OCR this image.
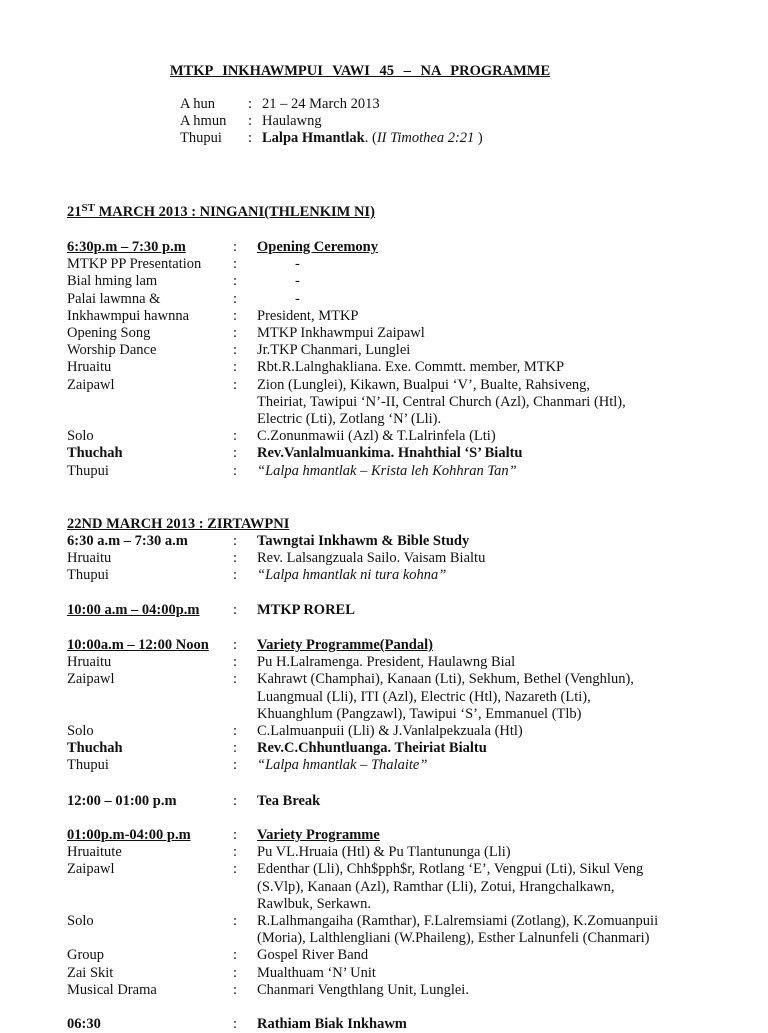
MTKP INKHAWMPUI VAWI 45 – NA PROGRAMME
A hun	: 21 – 24 March 2013
A hmun	: Haulawng
Thupui	: Lalpa Hmantlak. (II Timothea 2:21 )
21ST MARCH 2013 : NINGANI(THLENKIM NI)
6:30p.m – 7:30 p.m	:	Opening Ceremony
MTKP PP Presentation	:	-
Bial hming lam	:	-
Palai lawmna &	:	-
Inkhawmpui hawnna	:	President, MTKP
Opening Song	:	MTKP Inkhawmpui Zaipawl
Worship Dance	:	Jr.TKP Chanmari, Lunglei
Hruaitu	:	Rbt.R.Lalnghakliana. Exe. Commtt. member, MTKP
Zaipawl	:	Zion (Lunglei), Kikawn, Bualpui ‘V’, Bualte, Rahsiveng,
Theiriat, Tawipui ‘N’-II, Central Church (Azl), Chanmari (Htl),
Electric (Lti), Zotlang ‘N’ (Lli).
Solo	:	C.Zonunmawii (Azl) & T.Lalrinfela (Lti)
Thuchah	:	Rev.Vanlalmuankima. Hnahthial ‘S’ Bialtu
Thupui	:	“Lalpa hmantlak – Krista leh Kohhran Tan”
22ND MARCH 2013 : ZIRTAWPNI
6:30 a.m – 7:30 a.m	:	Tawngtai Inkhawm & Bible Study
Hruaitu	:	Rev. Lalsangzuala Sailo. Vaisam Bialtu
Thupui	:	“Lalpa hmantlak ni tura kohna”
10:00 a.m – 04:00p.m	:	MTKP ROREL
10:00a.m – 12:00 Noon	:	Variety Programme(Pandal)
Hruaitu	:	Pu H.Lalramenga. President, Haulawng Bial
Zaipawl	:	Kahrawt (Champhai), Kanaan (Lti), Sekhum, Bethel (Venghlun),
Luangmual (Lli), ITI (Azl), Electric (Htl), Nazareth (Lti),
Khuanghlum (Pangzawl), Tawipui ‘S’, Emmanuel (Tlb)
Solo	:	C.Lalmuanpuii (Lli) & J.Vanlalpekzuala (Htl)
Thuchah	:	Rev.C.Chhuntluanga. Theiriat Bialtu
Thupui	:	“Lalpa hmantlak – Thalaite”
12:00 – 01:00 p.m	:	Tea Break
01:00p.m-04:00 p.m	:	Variety Programme
Hruaitute	:	Pu VL.Hruaia (Htl) & Pu Tlantununga (Lli)
Zaipawl	:	Edenthar (Lli), Chh$pph$r, Rotlang ‘E’, Vengpui (Lti), Sikul Veng
(S.Vlp), Kanaan (Azl), Ramthar (Lli), Zotui, Hrangchalkawn,
Rawlbuk, Serkawn.
Solo	:	R.Lalhmangaiha (Ramthar), F.Lalremsiami (Zotlang), K.Zomuanpuii
(Moria), Lalthlengliani (W.Phaileng), Esther Lalnunfeli (Chanmari)
Group	:	Gospel River Band
Zai Skit	:	Mualthuam ‘N’ Unit
Musical Drama	:	Chanmari Vengthlang Unit, Lunglei.
06:30	:	Rathiam Biak Inkhawm
